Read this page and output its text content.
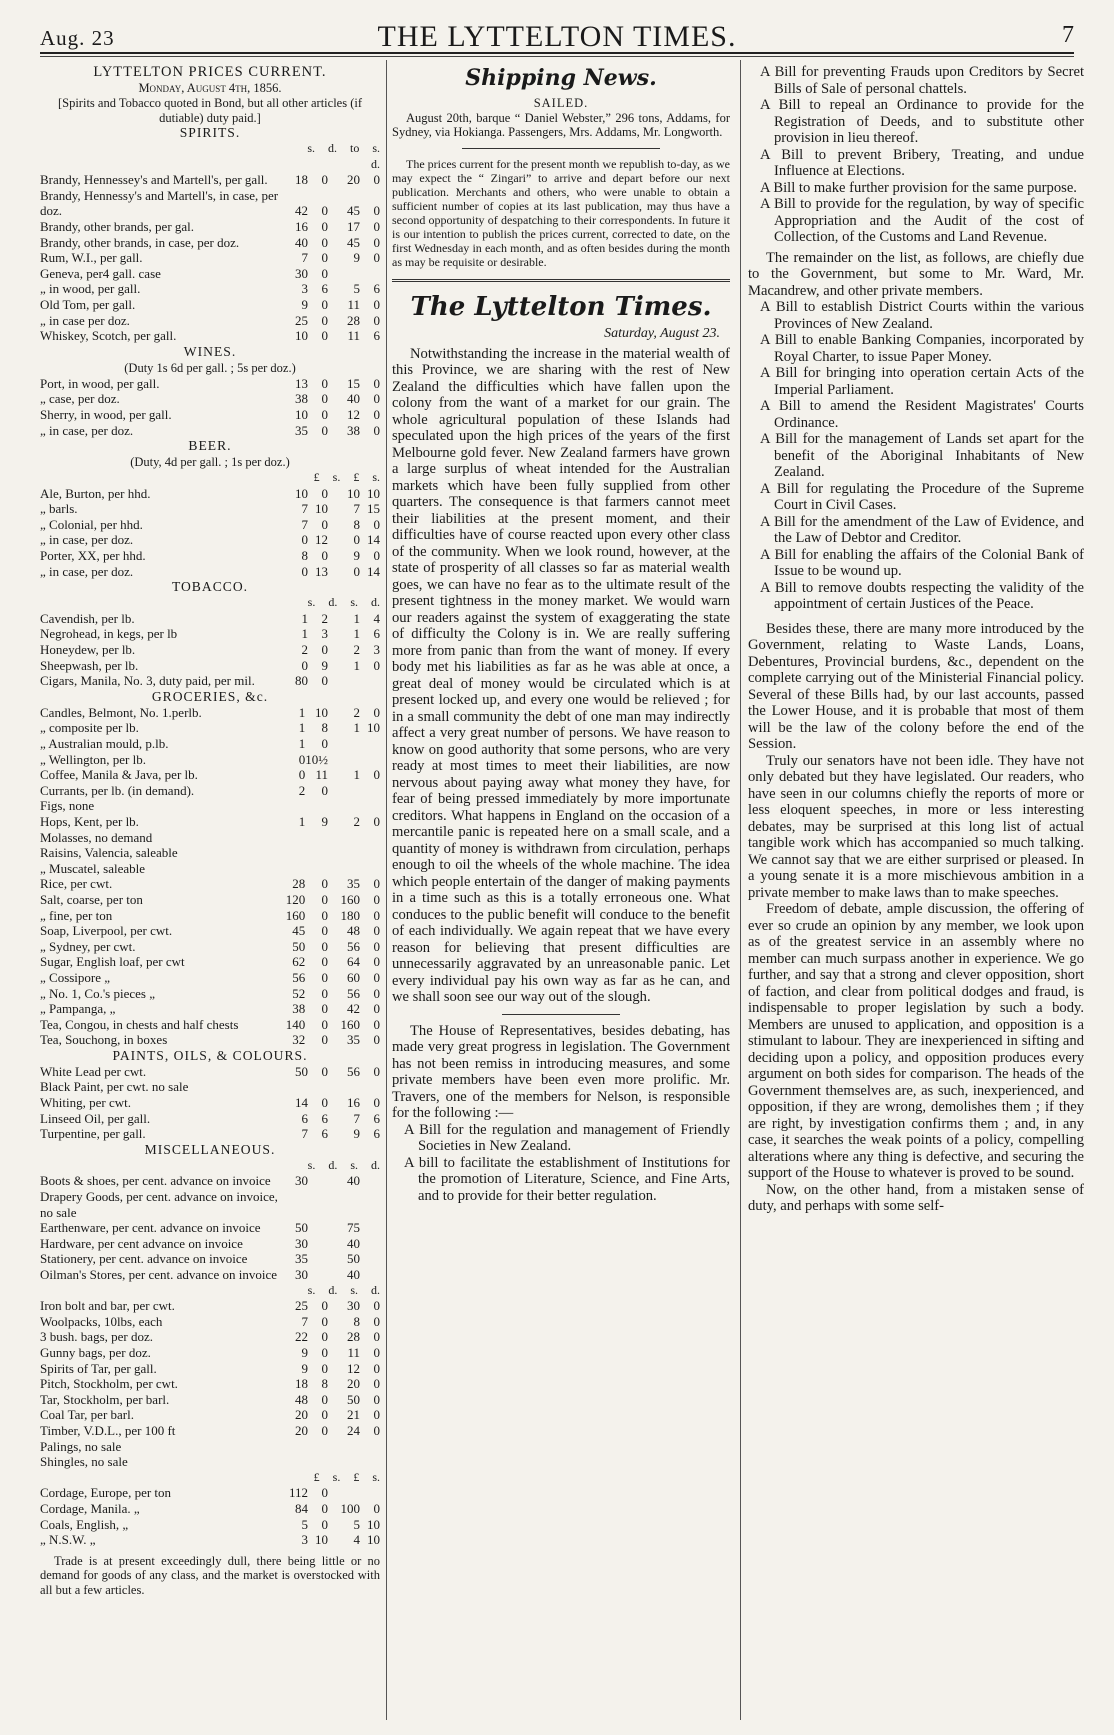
Aug. 23	THE LYTTELTON TIMES.	7
LYTTELTON PRICES CURRENT.
Monday, August 4th, 1856.
[Spirits and Tobacco quoted in Bond, but all other articles (if dutiable) duty paid.]
SPIRITS.
	s. d. to s. d.				
Brandy, Hennessey's and Martell's, per gall.	18	0		20	0
Brandy, Hennessy's and Martell's, in case, per doz.	42	0		45	0
Brandy, other brands, per gal.	16	0		17	0
Brandy, other brands, in case, per doz.	40	0		45	0
Rum, W.I., per gall.	7	0		9	0
Geneva, per4 gall. case	30	0			
„ in wood, per gall.	3	6		5	6
Old Tom, per gall.	9	0		11	0
„ in case per doz.	25	0		28	0
Whiskey, Scotch, per gall.	10	0		11	6
WINES.
(Duty 1s 6d per gall. ; 5s per doz.)
Port, in wood, per gall.	13	0		15	0
„ case, per doz.	38	0		40	0
Sherry, in wood, per gall.	10	0		12	0
„ in case, per doz.	35	0		38	0
BEER.
(Duty, 4d per gall. ; 1s per doz.)
	£ s. £ s.				
Ale, Burton, per hhd.	10	0		10	10
„ barls.	7	10		7	15
„ Colonial, per hhd.	7	0		8	0
„ in case, per doz.	0	12		0	14
Porter, XX, per hhd.	8	0		9	0
„ in case, per doz.	0	13		0	14
TOBACCO.
	s. d. s. d.				
Cavendish, per lb.	1	2		1	4
Negrohead, in kegs, per lb	1	3		1	6
Honeydew, per lb.	2	0		2	3
Sheepwash, per lb.	0	9		1	0
Cigars, Manila, No. 3, duty paid, per mil.	80	0			
GROCERIES, &c.
Candles, Belmont, No. 1.perlb.	1	10		2	0
„ composite per lb.	1	8		1	10
„ Australian mould, p.lb.	1	0			
„ Wellington, per lb.	0	10½			
Coffee, Manila & Java, per lb.	0	11		1	0
Currants, per lb. (in demand).	2	0			
Figs, none					
Hops, Kent, per lb.	1	9		2	0
Molasses, no demand					
Raisins, Valencia, saleable					
„ Muscatel, saleable					
Rice, per cwt.	28	0		35	0
Salt, coarse, per ton	120	0		160	0
„ fine, per ton	160	0		180	0
Soap, Liverpool, per cwt.	45	0		48	0
„ Sydney, per cwt.	50	0		56	0
Sugar, English loaf, per cwt	62	0		64	0
„ Cossipore „	56	0		60	0
„ No. 1, Co.'s pieces „	52	0		56	0
„ Pampanga, „	38	0		42	0
Tea, Congou, in chests and half chests	140	0		160	0
Tea, Souchong, in boxes	32	0		35	0
PAINTS, OILS, & COLOURS.
White Lead per cwt.	50	0		56	0
Black Paint, per cwt. no sale					
Whiting, per cwt.	14	0		16	0
Linseed Oil, per gall.	6	6		7	6
Turpentine, per gall.	7	6		9	6
MISCELLANEOUS.
	s. d. s. d.				
Boots & shoes, per cent. advance on invoice	30			40	
Drapery Goods, per cent. advance on invoice, no sale					
Earthenware, per cent. advance on invoice	50			75	
Hardware, per cent advance on invoice	30			40	
Stationery, per cent. advance on invoice	35			50	
Oilman's Stores, per cent. advance on invoice	30			40	
	s. d. s. d.				
Iron bolt and bar, per cwt.	25	0		30	0
Woolpacks, 10lbs, each	7	0		8	0
3 bush. bags, per doz.	22	0		28	0
Gunny bags, per doz.	9	0		11	0
Spirits of Tar, per gall.	9	0		12	0
Pitch, Stockholm, per cwt.	18	8		20	0
Tar, Stockholm, per barl.	48	0		50	0
Coal Tar, per barl.	20	0		21	0
Timber, V.D.L., per 100 ft	20	0		24	0
Palings, no sale					
Shingles, no sale					
	£ s. £ s.				
Cordage, Europe, per ton	112	0			
Cordage, Manila. „	84	0		100	0
Coals, English, „	5	0		5	10
„ N.S.W. „	3	10		4	10
Trade is at present exceedingly dull, there being little or no demand for goods of any class, and the market is overstocked with all but a few articles.
Shipping News.
SAILED.
August 20th, barque “ Daniel Webster,” 296 tons, Addams, for Sydney, via Hokianga. Passengers, Mrs. Addams, Mr. Longworth.
The prices current for the present month we republish to-day, as we may expect the “ Zingari” to arrive and depart before our next publication. Merchants and others, who were unable to obtain a sufficient number of copies at its last publication, may thus have a second opportunity of despatching to their correspondents. In future it is our intention to publish the prices current, corrected to date, on the first Wednesday in each month, and as often besides during the month as may be requisite or desirable.
The Lyttelton Times.
Saturday, August 23.

Notwithstanding the increase in the material wealth of this Province, we are sharing with the rest of New Zealand the difficulties which have fallen upon the colony from the want of a market for our grain. The whole agricultural population of these Islands had speculated upon the high prices of the years of the first Melbourne gold fever. New Zealand farmers have grown a large surplus of wheat intended for the Australian markets which have been fully supplied from other quarters. The consequence is that farmers cannot meet their liabilities at the present moment, and their difficulties have of course reacted upon every other class of the community. When we look round, however, at the state of prosperity of all classes so far as material wealth goes, we can have no fear as to the ultimate result of the present tightness in the money market. We would warn our readers against the system of exaggerating the state of difficulty the Colony is in. We are really suffering more from panic than from the want of money. If every body met his liabilities as far as he was able at once, a great deal of money would be circulated which is at present locked up, and every one would be relieved ; for in a small community the debt of one man may indirectly affect a very great number of persons. We have reason to know on good authority that some persons, who are very ready at most times to meet their liabilities, are now nervous about paying away what money they have, for fear of being pressed immediately by more importunate creditors. What happens in England on the occasion of a mercantile panic is repeated here on a small scale, and a quantity of money is withdrawn from circulation, perhaps enough to oil the wheels of the whole machine. The idea which people entertain of the danger of making payments in a time such as this is a totally erroneous one. What conduces to the public benefit will conduce to the benefit of each individually. We again repeat that we have every reason for believing that present difficulties are unnecessarily aggravated by an unreasonable panic. Let every individual pay his own way as far as he can, and we shall soon see our way out of the slough.

The House of Representatives, besides debating, has made very great progress in legislation. The Government has not been remiss in introducing measures, and some private members have been even more prolific. Mr. Travers, one of the members for Nelson, is responsible for the following :—

A Bill for the regulation and management of Friendly Societies in New Zealand.

A bill to facilitate the establishment of Institutions for the promotion of Literature, Science, and Fine Arts, and to provide for their better regulation.

A Bill for preventing Frauds upon Creditors by Secret Bills of Sale of personal chattels.

A Bill to repeal an Ordinance to provide for the Registration of Deeds, and to substitute other provision in lieu thereof.

A Bill to prevent Bribery, Treating, and undue Influence at Elections.

A Bill to make further provision for the same purpose.

A Bill to provide for the regulation, by way of specific Appropriation and the Audit of the cost of Collection, of the Customs and Land Revenue.

The remainder on the list, as follows, are chiefly due to the Government, but some to Mr. Ward, Mr. Macandrew, and other private members.

A Bill to establish District Courts within the various Provinces of New Zealand.

A Bill to enable Banking Companies, incorporated by Royal Charter, to issue Paper Money.

A Bill for bringing into operation certain Acts of the Imperial Parliament.

A Bill to amend the Resident Magistrates' Courts Ordinance.

A Bill for the management of Lands set apart for the benefit of the Aboriginal Inhabitants of New Zealand.

A Bill for regulating the Procedure of the Supreme Court in Civil Cases.

A Bill for the amendment of the Law of Evidence, and the Law of Debtor and Creditor.

A Bill for enabling the affairs of the Colonial Bank of Issue to be wound up.

A Bill to remove doubts respecting the validity of the appointment of certain Justices of the Peace.

Besides these, there are many more introduced by the Government, relating to Waste Lands, Loans, Debentures, Provincial burdens, &c., dependent on the complete carrying out of the Ministerial Financial policy. Several of these Bills had, by our last accounts, passed the Lower House, and it is probable that most of them will be the law of the colony before the end of the Session.

Truly our senators have not been idle. They have not only debated but they have legislated. Our readers, who have seen in our columns chiefly the reports of more or less eloquent speeches, in more or less interesting debates, may be surprised at this long list of actual tangible work which has accompanied so much talking. We cannot say that we are either surprised or pleased. In a young senate it is a more mischievous ambition in a private member to make laws than to make speeches.

Freedom of debate, ample discussion, the offering of ever so crude an opinion by any member, we look upon as of the greatest service in an assembly where no member can much surpass another in experience. We go further, and say that a strong and clever opposition, short of faction, and clear from political dodges and fraud, is indispensable to proper legislation by such a body. Members are unused to application, and opposition is a stimulant to labour. They are inexperienced in sifting and deciding upon a policy, and opposition produces every argument on both sides for comparison. The heads of the Government themselves are, as such, inexperienced, and opposition, if they are wrong, demolishes them ; if they are right, by investigation confirms them ; and, in any case, it searches the weak points of a policy, compelling alterations where any thing is defective, and securing the support of the House to whatever is proved to be sound.

Now, on the other hand, from a mistaken sense of duty, and perhaps with some self-
